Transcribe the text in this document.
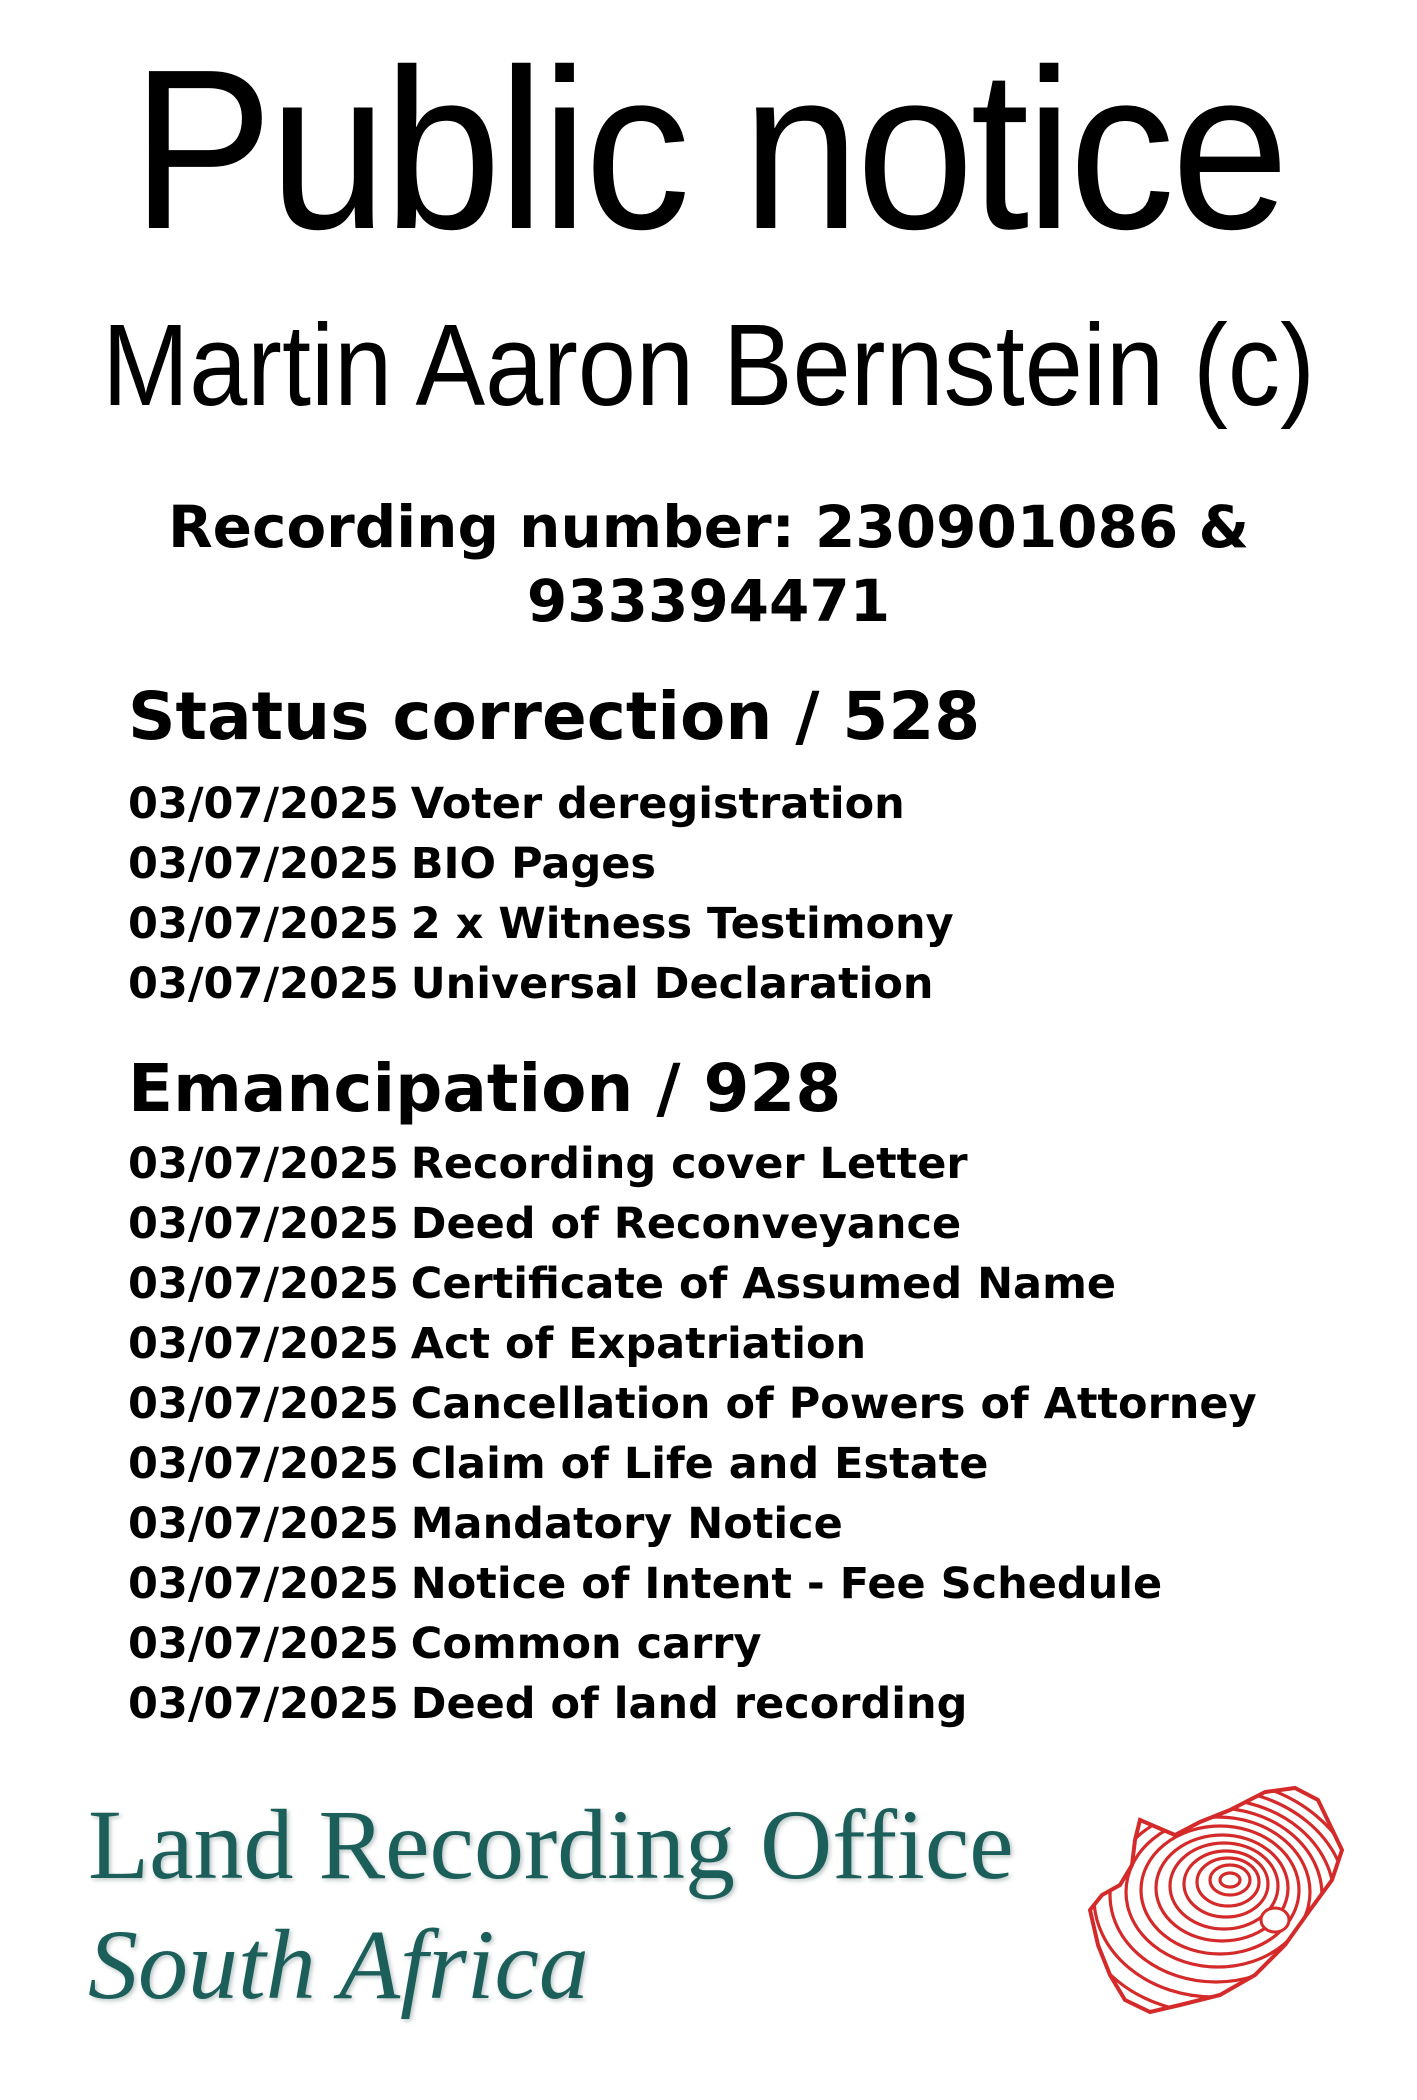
Public notice
Martin Aaron Bernstein (c)
Recording number: 230901086 & 933394471
Status correction / 528
03/07/2025 Voter deregistration
03/07/2025 BIO Pages
03/07/2025 2 x Witness Testimony
03/07/2025 Universal Declaration
Emancipation / 928
03/07/2025 Recording cover Letter
03/07/2025 Deed of Reconveyance
03/07/2025 Certificate of Assumed Name
03/07/2025 Act of Expatriation
03/07/2025 Cancellation of Powers of Attorney
03/07/2025 Claim of Life and Estate
03/07/2025 Mandatory Notice
03/07/2025 Notice of Intent - Fee Schedule
03/07/2025 Common carry
03/07/2025 Deed of land recording
Land Recording Office
South Africa
